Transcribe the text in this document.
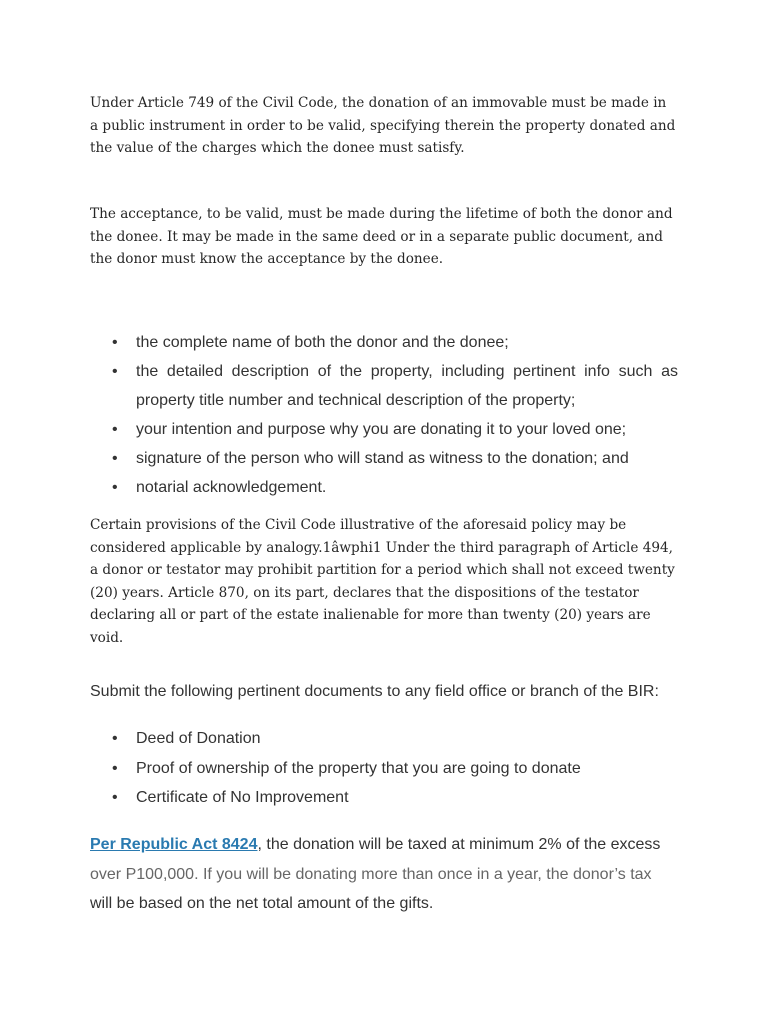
Under Article 749 of the Civil Code, the donation of an immovable must be made in a public instrument in order to be valid, specifying therein the property donated and the value of the charges which the donee must satisfy.

The acceptance, to be valid, must be made during the lifetime of both the donor and the donee. It may be made in the same deed or in a separate public document, and the donor must know the acceptance by the donee.

• the complete name of both the donor and the donee;
• the detailed description of the property, including pertinent info such as property title number and technical description of the property;
• your intention and purpose why you are donating it to your loved one;
• signature of the person who will stand as witness to the donation; and
• notarial acknowledgement.

Certain provisions of the Civil Code illustrative of the aforesaid policy may be considered applicable by analogy.1âwphi1 Under the third paragraph of Article 494, a donor or testator may prohibit partition for a period which shall not exceed twenty (20) years. Article 870, on its part, declares that the dispositions of the testator declaring all or part of the estate inalienable for more than twenty (20) years are void.

Submit the following pertinent documents to any field office or branch of the BIR:

• Deed of Donation
• Proof of ownership of the property that you are going to donate
• Certificate of No Improvement

Per Republic Act 8424, the donation will be taxed at minimum 2% of the excess
over P100,000. If you will be donating more than once in a year, the donor’s tax
will be based on the net total amount of the gifts.
